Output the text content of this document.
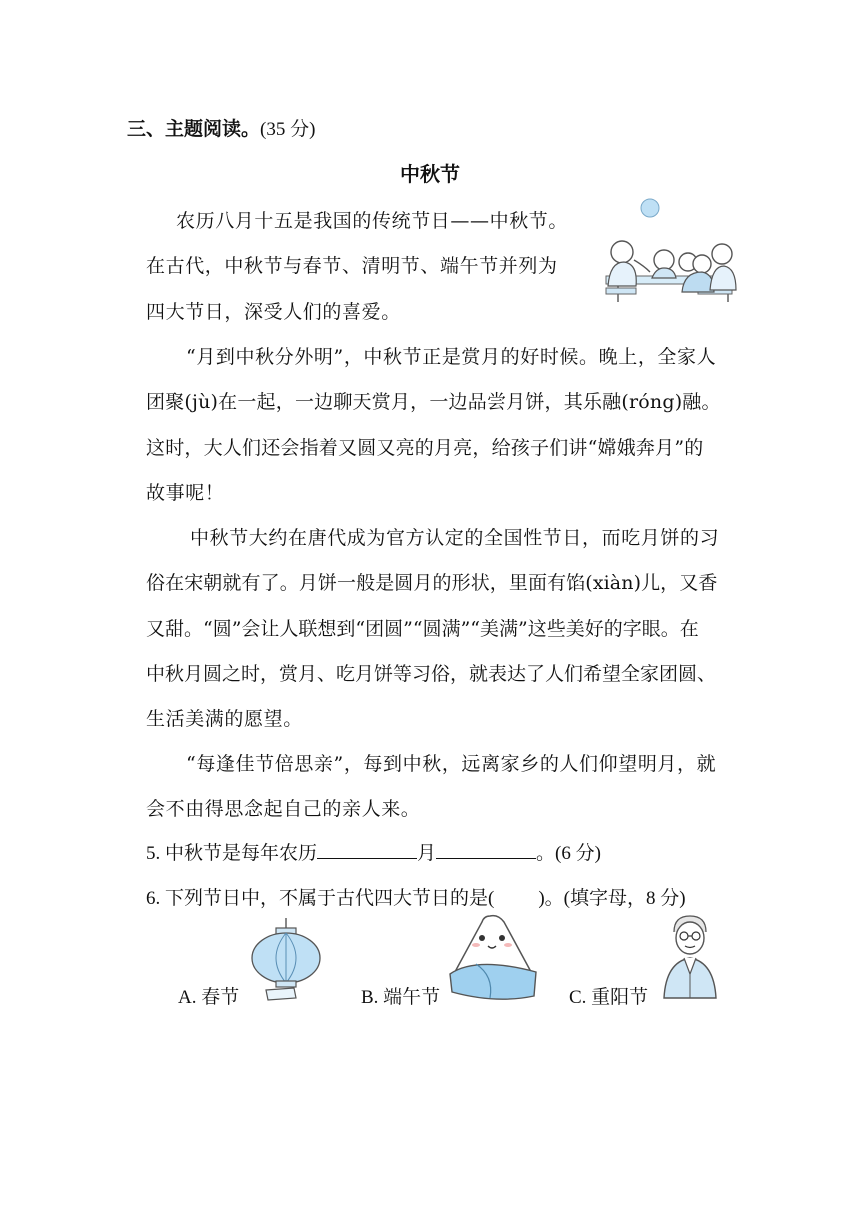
三、主题阅读。(35 分)
中秋节
农历八月十五是我国的传统节日——中秋节。
在古代，中秋节与春节、清明节、端午节并列为
四大节日，深受人们的喜爱。
“月到中秋分外明”，中秋节正是赏月的好时候。晚上，全家人
团聚(jù)在一起，一边聊天赏月，一边品尝月饼，其乐融(róng)融。
这时，大人们还会指着又圆又亮的月亮，给孩子们讲“嫦娥奔月”的
故事呢！
中秋节大约在唐代成为官方认定的全国性节日，而吃月饼的习
俗在宋朝就有了。月饼一般是圆月的形状，里面有馅(xiàn)儿，又香
又甜。“圆”会让人联想到“团圆”“圆满”“美满”这些美好的字眼。在
中秋月圆之时，赏月、吃月饼等习俗，就表达了人们希望全家团圆、
生活美满的愿望。
“每逢佳节倍思亲”，每到中秋，远离家乡的人们仰望明月，就
会不由得思念起自己的亲人来。
5. 中秋节是每年农历	月	。(6 分)
6. 下列节日中，不属于古代四大节日的是( )。(填字母，8 分)
A. 春节	B. 端午节	C. 重阳节
